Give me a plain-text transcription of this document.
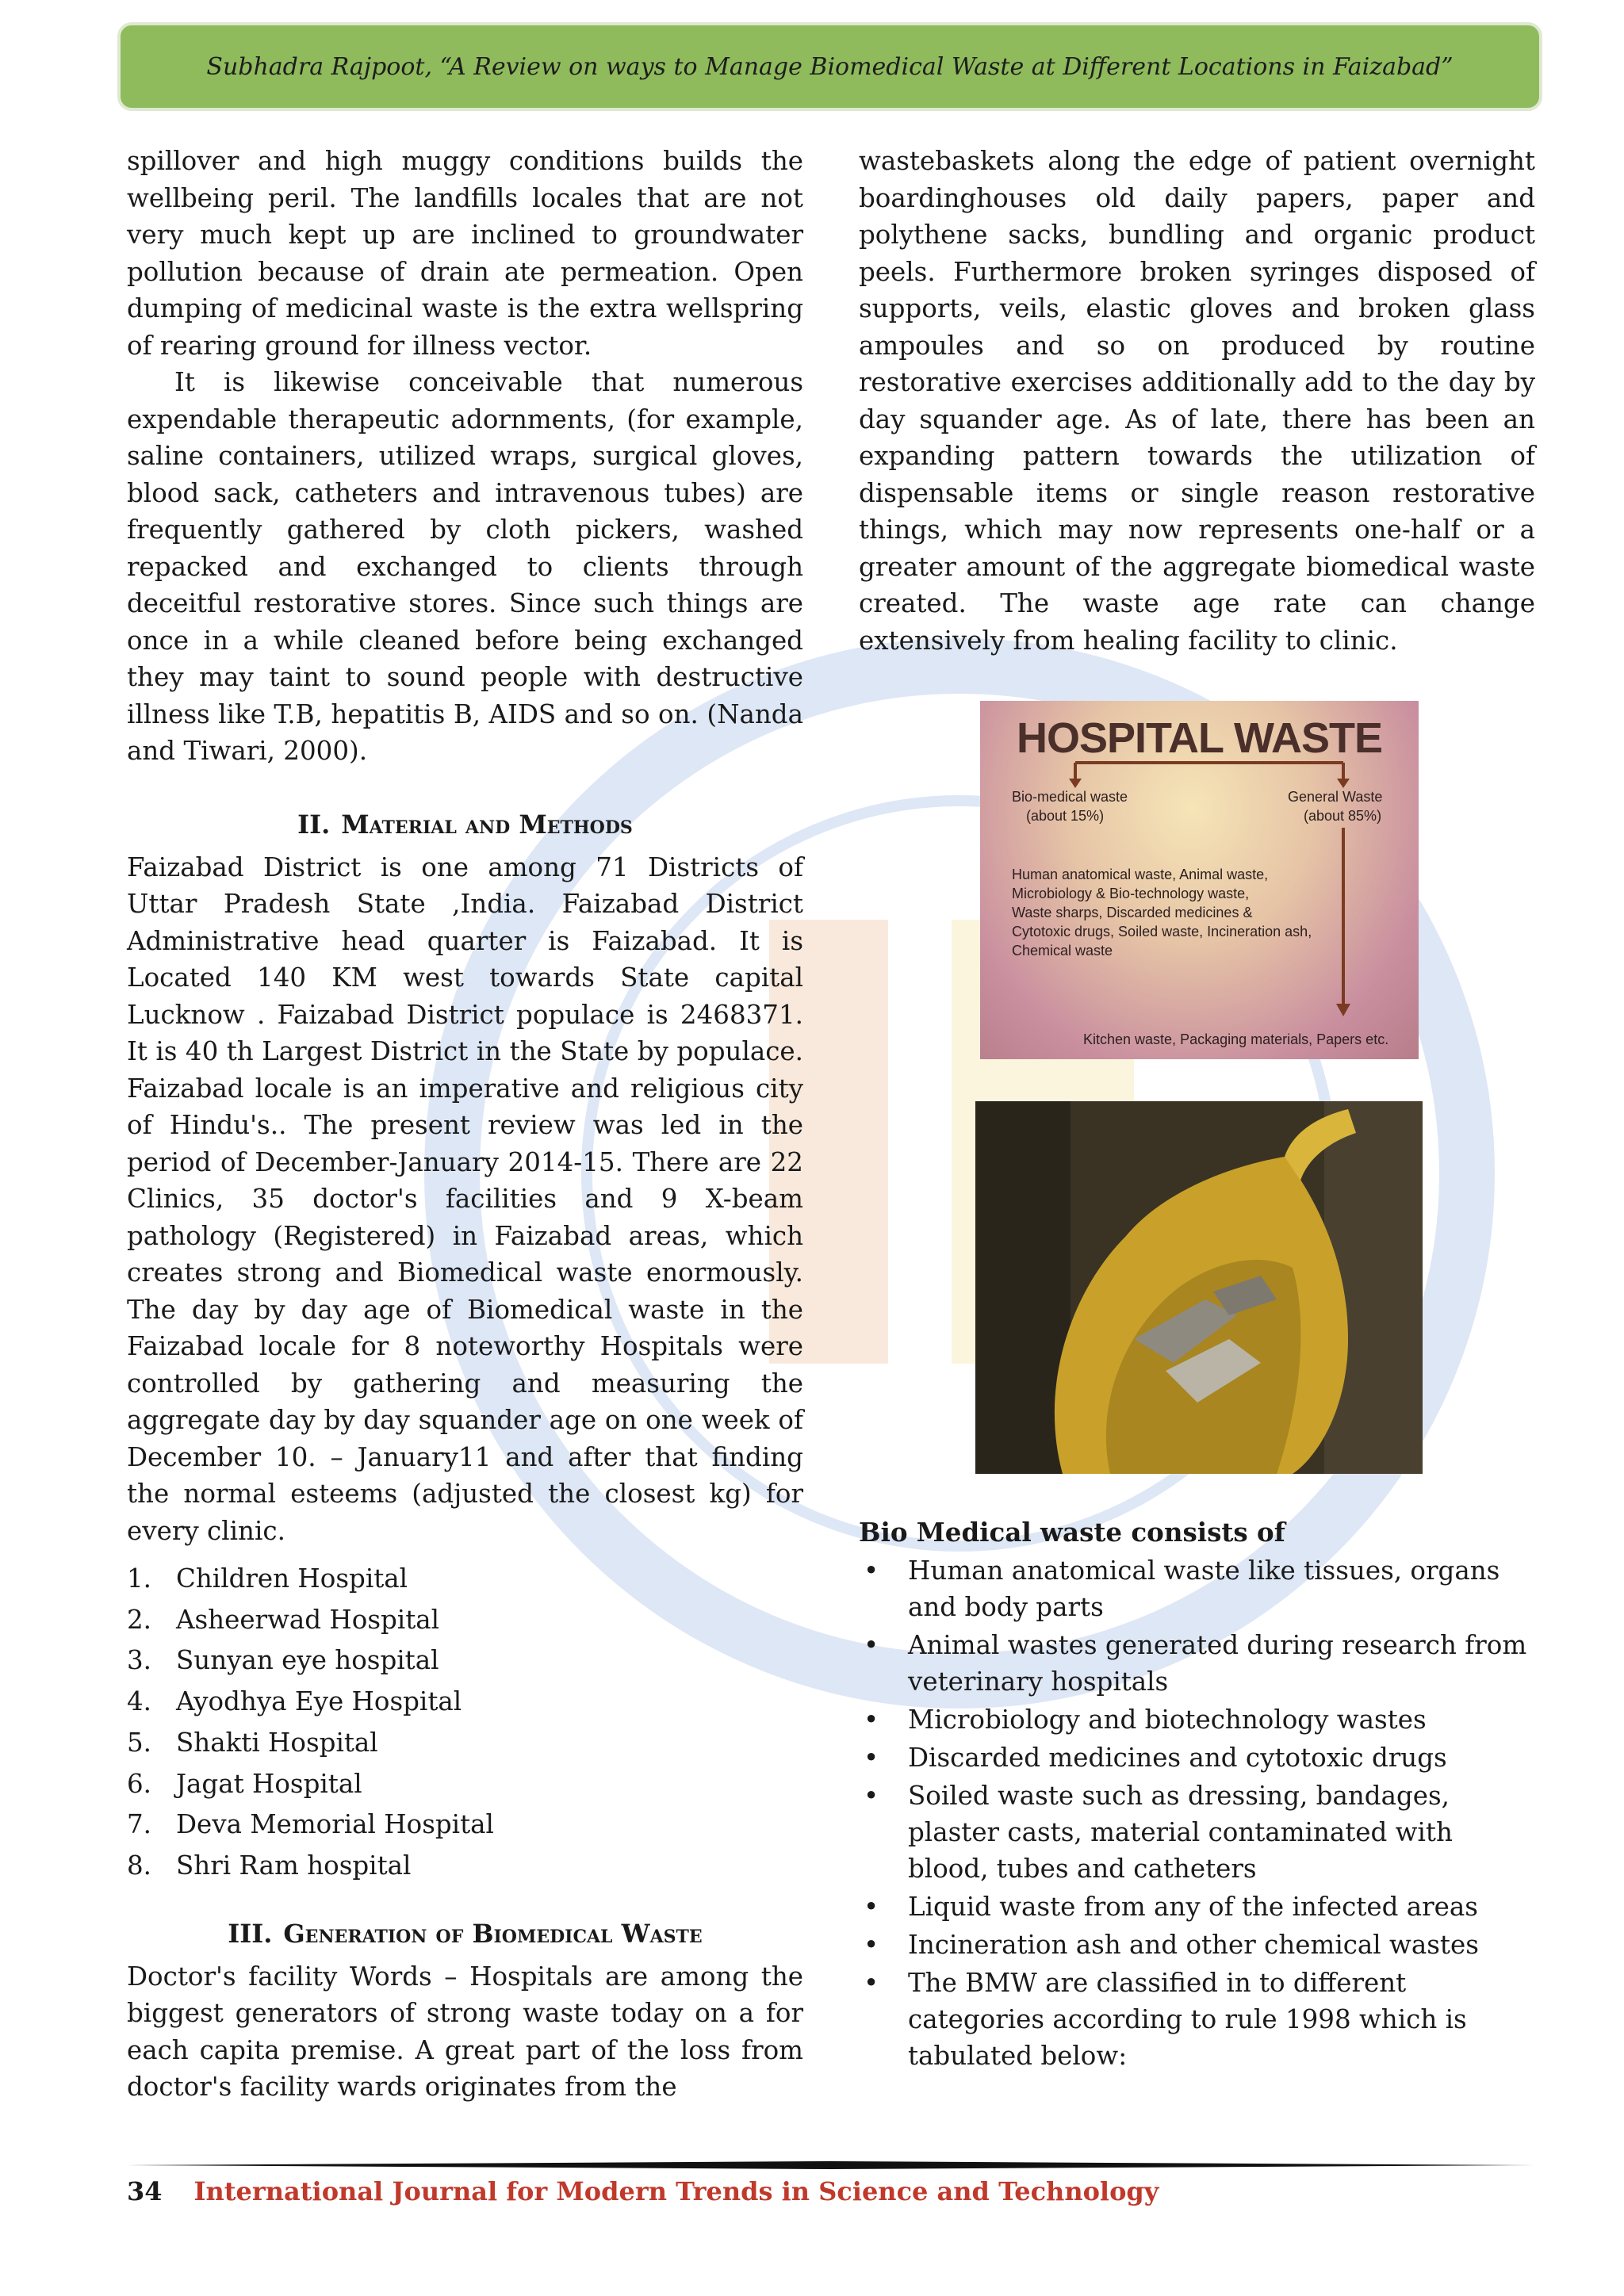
Subhadra Rajpoot, “A Review on ways to Manage Biomedical Waste at Different Locations in Faizabad”

spillover and high muggy conditions builds the wellbeing peril. The landfills locales that are not very much kept up are inclined to groundwater pollution because of drain ate permeation. Open dumping of medicinal waste is the extra wellspring of rearing ground for illness vector.

It is likewise conceivable that numerous expendable therapeutic adornments, (for example, saline containers, utilized wraps, surgical gloves, blood sack, catheters and intravenous tubes) are frequently gathered by cloth pickers, washed repacked and exchanged to clients through deceitful restorative stores. Since such things are once in a while cleaned before being exchanged they may taint to sound people with destructive illness like T.B, hepatitis B, AIDS and so on. (Nanda and Tiwari, 2000).

II. Material and Methods

Faizabad District is one among 71 Districts of Uttar Pradesh State ,India. Faizabad District Administrative head quarter is Faizabad. It is Located 140 KM west towards State capital Lucknow . Faizabad District populace is 2468371. It is 40 th Largest District in the State by populace. Faizabad locale is an imperative and religious city of Hindu's.. The present review was led in the period of December-January 2014-15. There are 22 Clinics, 35 doctor's facilities and 9 X-beam pathology (Registered) in Faizabad areas, which creates strong and Biomedical waste enormously. The day by day age of Biomedical waste in the Faizabad locale for 8 noteworthy Hospitals were controlled by gathering and measuring the aggregate day by day squander age on one week of December 10. – January11 and after that finding the normal esteems (adjusted the closest kg) for every clinic.

1. Children Hospital
2. Asheerwad Hospital
3. Sunyan eye hospital
4. Ayodhya Eye Hospital
5. Shakti Hospital
6. Jagat Hospital
7. Deva Memorial Hospital
8. Shri Ram hospital
III. Generation of Biomedical Waste

Doctor's facility Words – Hospitals are among the biggest generators of strong waste today on a for each capita premise. A great part of the loss from doctor's facility wards originates from the

wastebaskets along the edge of patient overnight boardinghouses old daily papers, paper and polythene sacks, bundling and organic product peels. Furthermore broken syringes disposed of supports, veils, elastic gloves and broken glass ampoules and so on produced by routine restorative exercises additionally add to the day by day squander age. As of late, there has been an expanding pattern towards the utilization of dispensable items or single reason restorative things, which may now represents one-half or a greater amount of the aggregate biomedical waste created. The waste age rate can change extensively from healing facility to clinic.

HOSPITAL WASTE
Bio-medical waste
(about 15%)
General Waste
(about 85%)
Human anatomical waste, Animal waste,
Microbiology & Bio-technology waste,
Waste sharps, Discarded medicines &
Cytotoxic drugs, Soiled waste, Incineration ash,
Chemical waste
Kitchen waste, Packaging materials, Papers etc.
Bio Medical waste consists of
•	Human anatomical waste like tissues, organs and body parts
•	Animal wastes generated during research from veterinary hospitals
•	Microbiology and biotechnology wastes
•	Discarded medicines and cytotoxic drugs
•	Soiled waste such as dressing, bandages, plaster casts, material contaminated with blood, tubes and catheters
•	Liquid waste from any of the infected areas
•	Incineration ash and other chemical wastes
•	The BMW are classified in to different categories according to rule 1998 which is tabulated below:
34 International Journal for Modern Trends in Science and Technology
